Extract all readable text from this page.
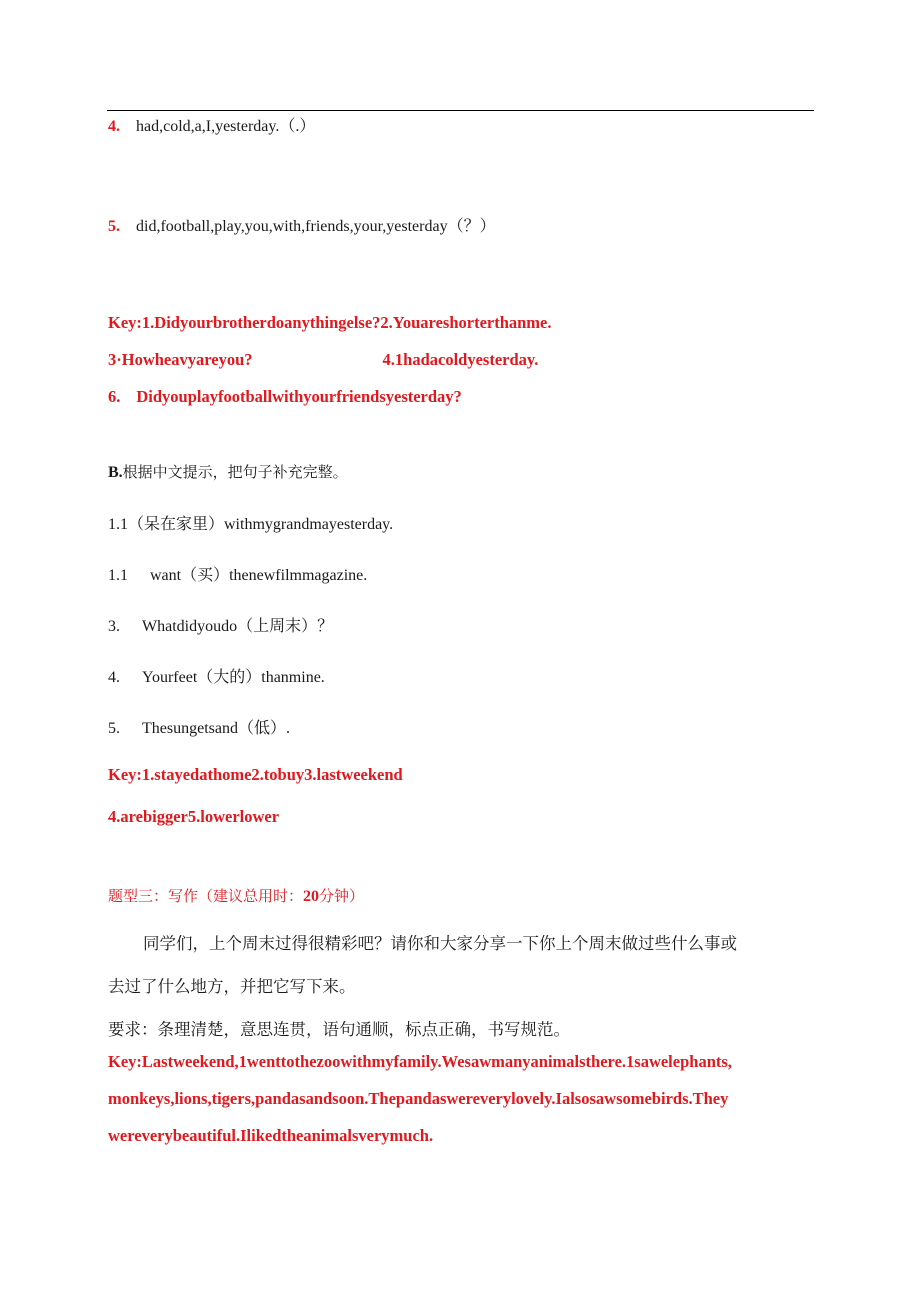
4. had,cold,a,I,yesterday.（.）
5. did,football,play,you,with,friends,your,yesterday（？）
Key:1.Didyourbrotherdoanythingelse?2.Youareshorterthanme.
3·Howheavyareyou?	4.1hadacoldyesterday.
6. Didyouplayfootballwithyourfriendsyesterday?
B.根据中文提示，把句子补充完整。
1.1（呆在家里）withmygrandmayesterday.
1.1 want（买）thenewfilmmagazine.
3. Whatdidyoudo（上周末）？
4. Yourfeet（大的）thanmine.
5. Thesungetsand（低）.
Key:1.stayedathome2.tobuy3.lastweekend
4.arebigger5.lowerlower
题型三：写作（建议总用时：20分钟）
同学们，上个周末过得很精彩吧？请你和大家分享一下你上个周末做过些什么事或
去过了什么地方，并把它写下来。
要求：条理清楚，意思连贯，语句通顺，标点正确，书写规范。
Key:Lastweekend,1wenttothezoowithmyfamily.Wesawmanyanimalsthere.1sawelephants,
monkeys,lions,tigers,pandasandsoon.Thepandaswereverylovely.Ialsosawsomebirds.They
wereverybeautiful.Ilikedtheanimalsverymuch.
